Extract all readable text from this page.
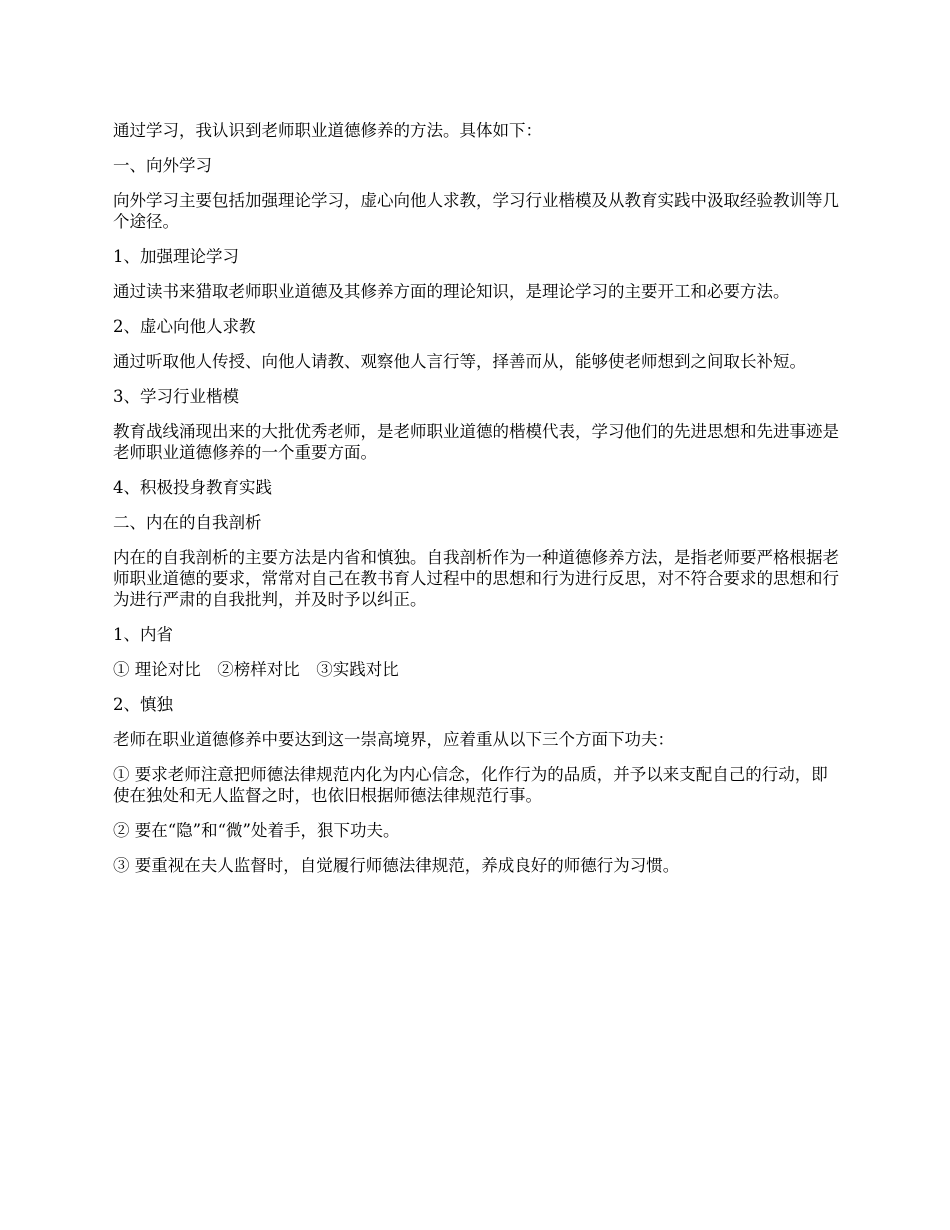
通过学习，我认识到老师职业道德修养的方法。具体如下：

一、向外学习

向外学习主要包括加强理论学习，虚心向他人求教，学习行业楷模及从教育实践中汲取经验教训等几个途径。

1、加强理论学习

通过读书来猎取老师职业道德及其修养方面的理论知识，是理论学习的主要开工和必要方法。

2、虚心向他人求教

通过听取他人传授、向他人请教、观察他人言行等，择善而从，能够使老师想到之间取长补短。

3、学习行业楷模

教育战线涌现出来的大批优秀老师，是老师职业道德的楷模代表，学习他们的先进思想和先进事迹是老师职业道德修养的一个重要方面。

4、积极投身教育实践

二、内在的自我剖析

内在的自我剖析的主要方法是内省和慎独。自我剖析作为一种道德修养方法，是指老师要严格根据老师职业道德的要求，常常对自己在教书育人过程中的思想和行为进行反思，对不符合要求的思想和行为进行严肃的自我批判，并及时予以纠正。

1、内省

① 理论对比　②榜样对比　③实践对比

2、慎独

老师在职业道德修养中要达到这一崇高境界，应着重从以下三个方面下功夫：

① 要求老师注意把师德法律规范内化为内心信念，化作行为的品质，并予以来支配自己的行动，即使在独处和无人监督之时，也依旧根据师德法律规范行事。

② 要在“隐”和“微”处着手，狠下功夫。

③ 要重视在夫人监督时，自觉履行师德法律规范，养成良好的师德行为习惯。
